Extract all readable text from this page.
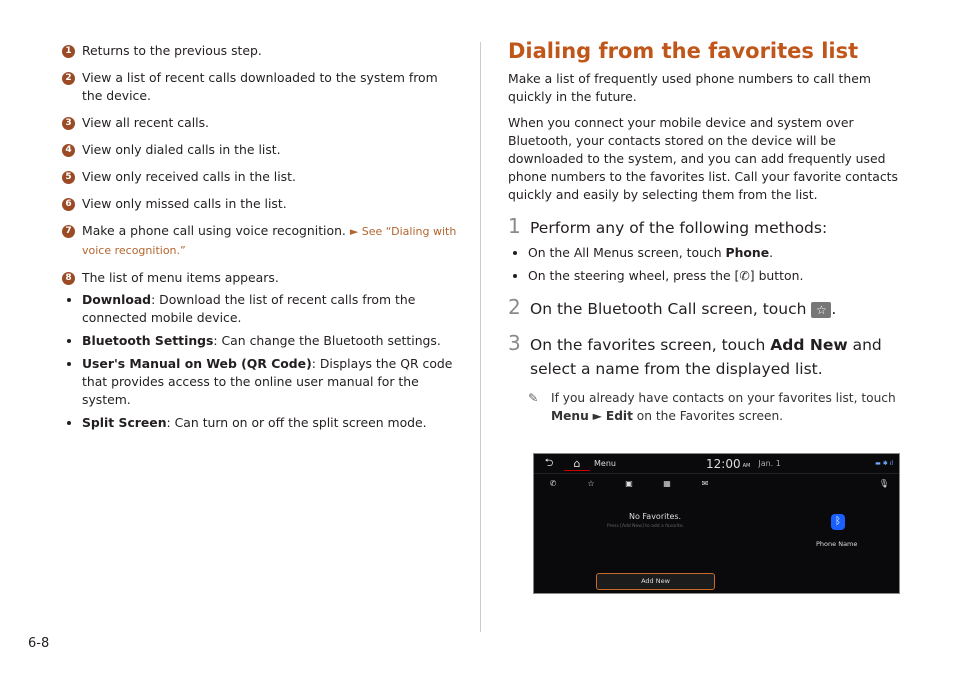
1 Returns to the previous step.
2 View a list of recent calls downloaded to the system from the device.
3 View all recent calls.
4 View only dialed calls in the list.
5 View only received calls in the list.
6 View only missed calls in the list.
7 Make a phone call using voice recognition. ► See “Dialing with voice recognition.”
8 The list of menu items appears.
• Download: Download the list of recent calls from the connected mobile device.
• Bluetooth Settings: Can change the Bluetooth settings.
• User's Manual on Web (QR Code): Displays the QR code that provides access to the online user manual for the system.
• Split Screen: Can turn on or off the split screen mode.
Dialing from the favorites list

Make a list of frequently used phone numbers to call them quickly in the future.

When you connect your mobile device and system over Bluetooth, your contacts stored on the device will be downloaded to the system, and you can add frequently used phone numbers to the favorites list. Call your favorite contacts quickly and easily by selecting them from the list.

1 Perform any of the following methods:
• On the All Menus screen, touch Phone.
• On the steering wheel, press the [✆] button.
2 On the Bluetooth Call screen, touch ☆ .
3 On the favorites screen, touch Add New and select a name from the displayed list.
✎ If you already have contacts on your favorites list, touch Menu ► Edit on the Favorites screen.
⮌	⌂	Menu	12:00 AM Jan. 1	▬ ✱ ıl
✆	☆	▣	▦	✉	🎙
No Favorites.
Press [Add New] to add a favorite.	ᛒ
Phone Name
Add New
6-8
